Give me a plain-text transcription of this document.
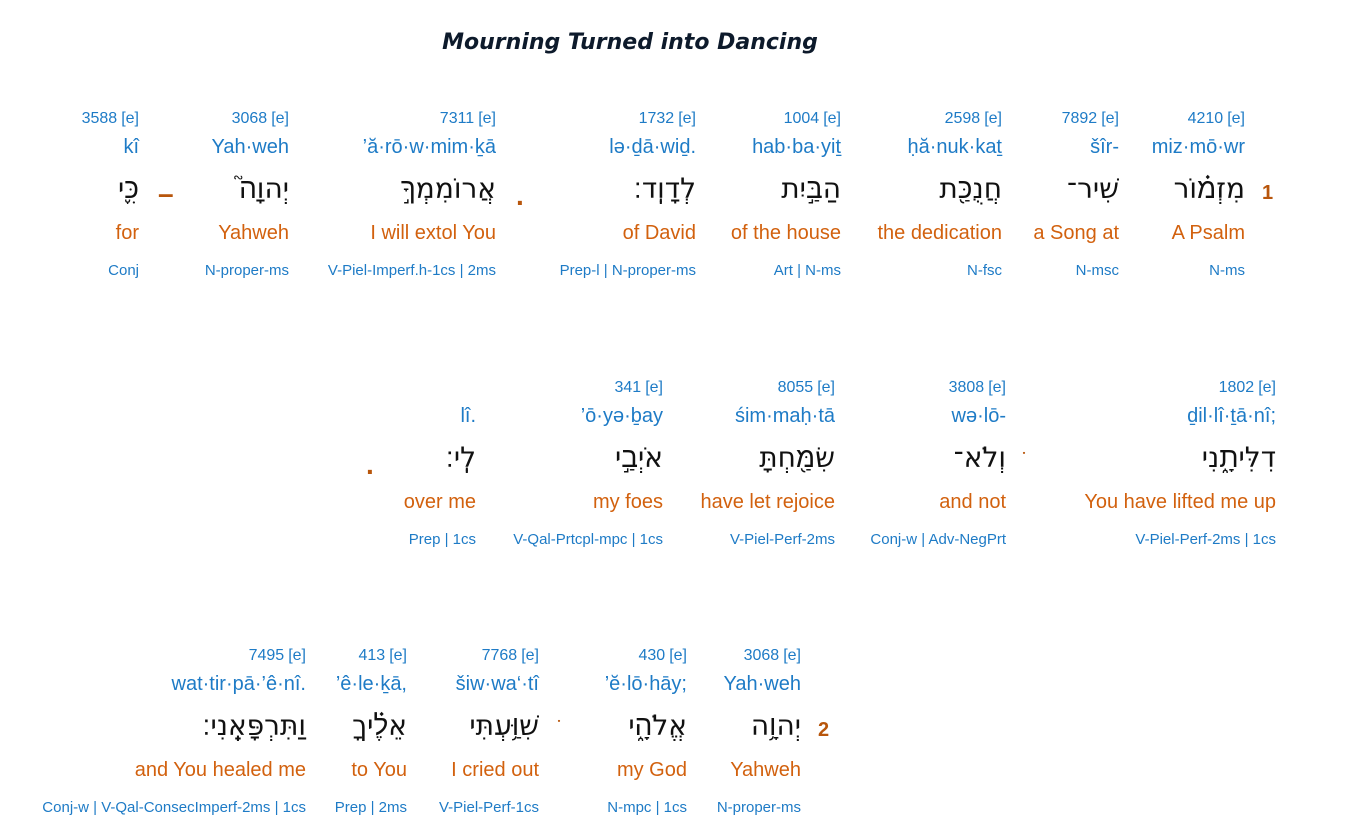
Mourning Turned into Dancing
1
4210 [e]
miz·mō·wr
מִזְמ֗וֹר
A Psalm
N-ms
7892 [e]
šîr-
שִׁיר־
a Song at
N-msc
2598 [e]
ḥă·nuk·kaṯ
חֲנֻכַּ֖ת
the dedication
N-fsc
1004 [e]
hab·ba·yiṯ
הַבַּ֣יִת
of the house
Art | N-ms
1732 [e]
lə·ḏā·wiḏ.
לְדָוִֽד׃
of David
Prep-l | N-proper-ms
.
7311 [e]
’ă·rō·w·mim·ḵā
אֲרוֹמִמְךָ֣
I will extol You
V-Piel-Imperf.h-1cs | 2ms
3068 [e]
Yah·weh
יְהוָה֮
Yahweh
N-proper-ms
–
3588 [e]
kî
כִּ֪י
for
Conj
1802 [e]
ḏil·lî·ṯā·nî;
דִלִּיתָ֑נִי
You have lifted me up
V-Piel-Perf-2ms | 1cs
3808 [e]
wə·lō-
וְלֹא־
and not
Conj-w | Adv-NegPrt
8055 [e]
śim·maḥ·tā
שִׂמַּ֖חְתָּ
have let rejoice
V-Piel-Perf-2ms
341 [e]
’ō·yə·ḇay
אֹיְבַ֣י
my foes
V-Qal-Prtcpl-mpc | 1cs
lî.
לִֽי׃
over me
Prep | 1cs
.
2
3068 [e]
Yah·weh
יְהוָ֥ה
Yahweh
N-proper-ms
430 [e]
’ĕ·lō·hāy;
אֱלֹהָ֑י
my God
N-mpc | 1cs
7768 [e]
šiw·wa‘·tî
שִׁוַּ֥עְתִּי
I cried out
V-Piel-Perf-1cs
413 [e]
’ê·le·ḵā,
אֵלֶ֗יךָ
to You
Prep | 2ms
7495 [e]
wat·tir·pā·’ê·nî.
וַתִּרְפָּאֵֽנִי׃
and You healed me
Conj-w | V-Qal-ConsecImperf-2ms | 1cs
